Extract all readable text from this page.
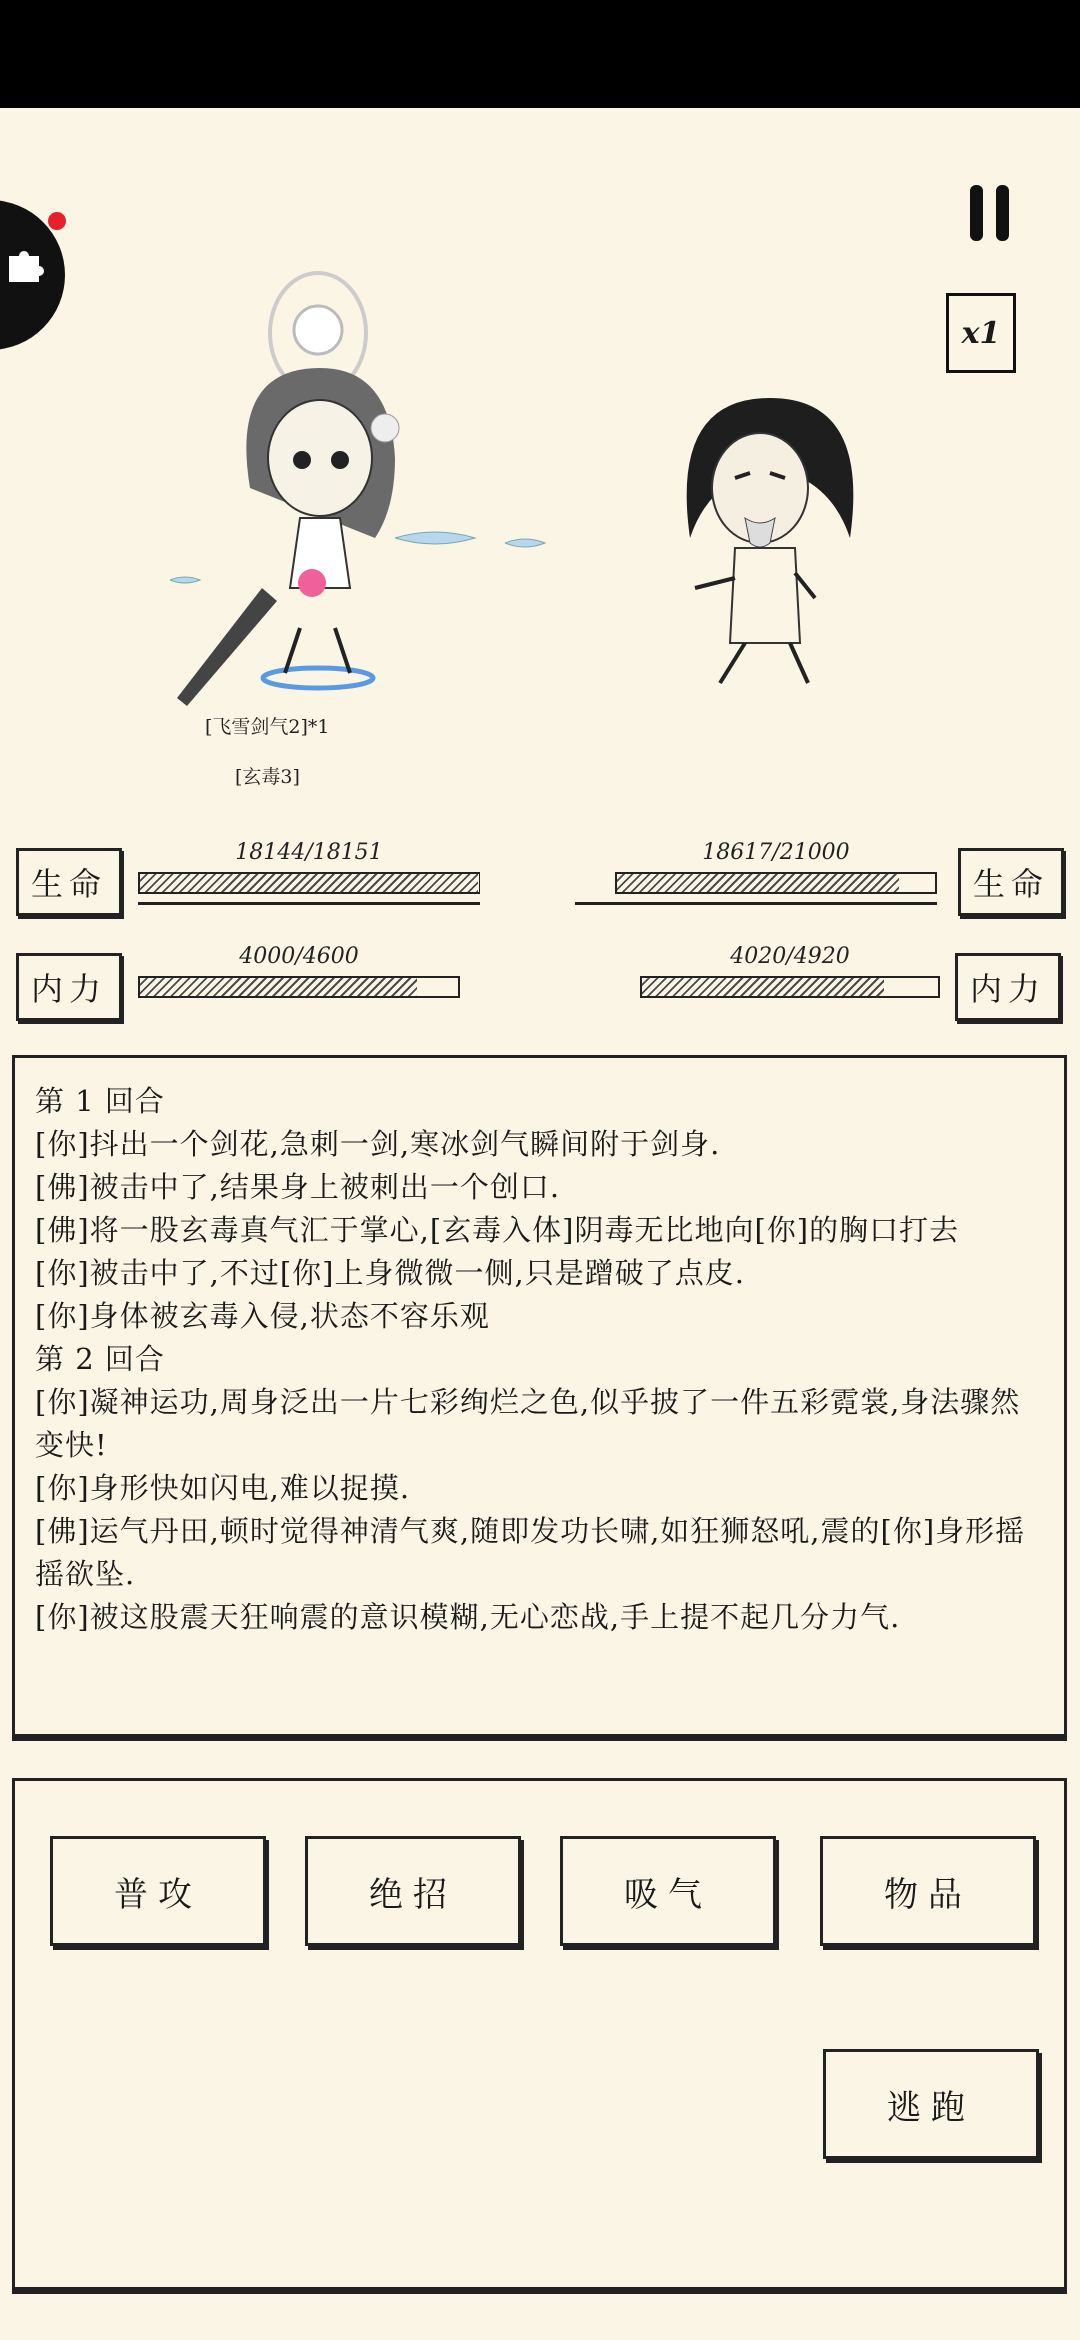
x1
[飞雪剑气2]*1
[玄毒3]
生命
18144/18151
内力
4000/4600
生命
18617/21000
内力
4020/4920
第 1 回合
[你]抖出一个剑花,急刺一剑,寒冰剑气瞬间附于剑身.
[佛]被击中了,结果身上被刺出一个创口.
[佛]将一股玄毒真气汇于掌心,[玄毒入体]阴毒无比地向[你]的胸口打去
[你]被击中了,不过[你]上身微微一侧,只是蹭破了点皮.
[你]身体被玄毒入侵,状态不容乐观
第 2 回合
[你]凝神运功,周身泛出一片七彩绚烂之色,似乎披了一件五彩霓裳,身法骤然变快!
[你]身形快如闪电,难以捉摸.
[佛]运气丹田,顿时觉得神清气爽,随即发功长啸,如狂狮怒吼,震的[你]身形摇摇欲坠.
[你]被这股震天狂响震的意识模糊,无心恋战,手上提不起几分力气.
普攻	绝招	吸气	物品
逃跑
